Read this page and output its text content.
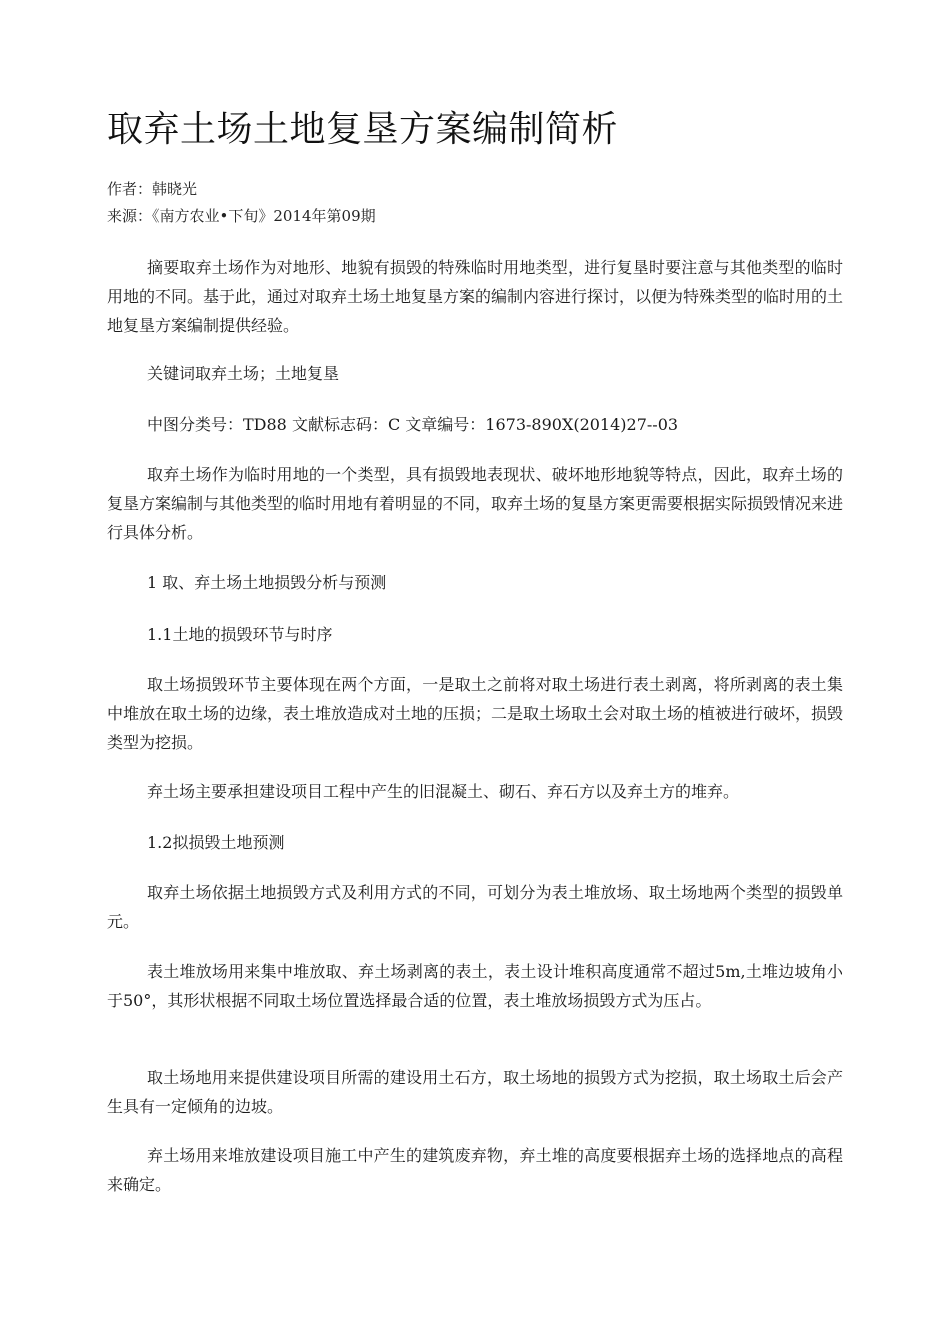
取弃土场土地复垦方案编制简析
作者：韩晓光
来源：《南方农业•下旬》2014年第09期

摘要取弃土场作为对地形、地貌有损毁的特殊临时用地类型，进行复垦时要注意与其他类型的临时用地的不同。基于此，通过对取弃土场土地复垦方案的编制内容进行探讨，以便为特殊类型的临时用的土地复垦方案编制提供经验。

关键词取弃土场；土地复垦

中图分类号：TD88 文献标志码：C 文章编号：1673-890X(2014)27--03

取弃土场作为临时用地的一个类型，具有损毁地表现状、破坏地形地貌等特点，因此，取弃土场的复垦方案编制与其他类型的临时用地有着明显的不同，取弃土场的复垦方案更需要根据实际损毁情况来进行具体分析。

1 取、弃土场土地损毁分析与预测

1.1土地的损毁环节与时序

取土场损毁环节主要体现在两个方面，一是取土之前将对取土场进行表土剥离，将所剥离的表土集中堆放在取土场的边缘，表土堆放造成对土地的压损；二是取土场取土会对取土场的植被进行破坏，损毁类型为挖损。

弃土场主要承担建设项目工程中产生的旧混凝土、砌石、弃石方以及弃土方的堆弃。

1.2拟损毁土地预测

取弃土场依据土地损毁方式及利用方式的不同，可划分为表土堆放场、取土场地两个类型的损毁单元。

表土堆放场用来集中堆放取、弃土场剥离的表土，表土设计堆积高度通常不超过5m,土堆边坡角小于50°，其形状根据不同取土场位置选择最合适的位置，表土堆放场损毁方式为压占。

取土场地用来提供建设项目所需的建设用土石方，取土场地的损毁方式为挖损，取土场取土后会产生具有一定倾角的边坡。

弃土场用来堆放建设项目施工中产生的建筑废弃物，弃土堆的高度要根据弃土场的选择地点的高程来确定。
